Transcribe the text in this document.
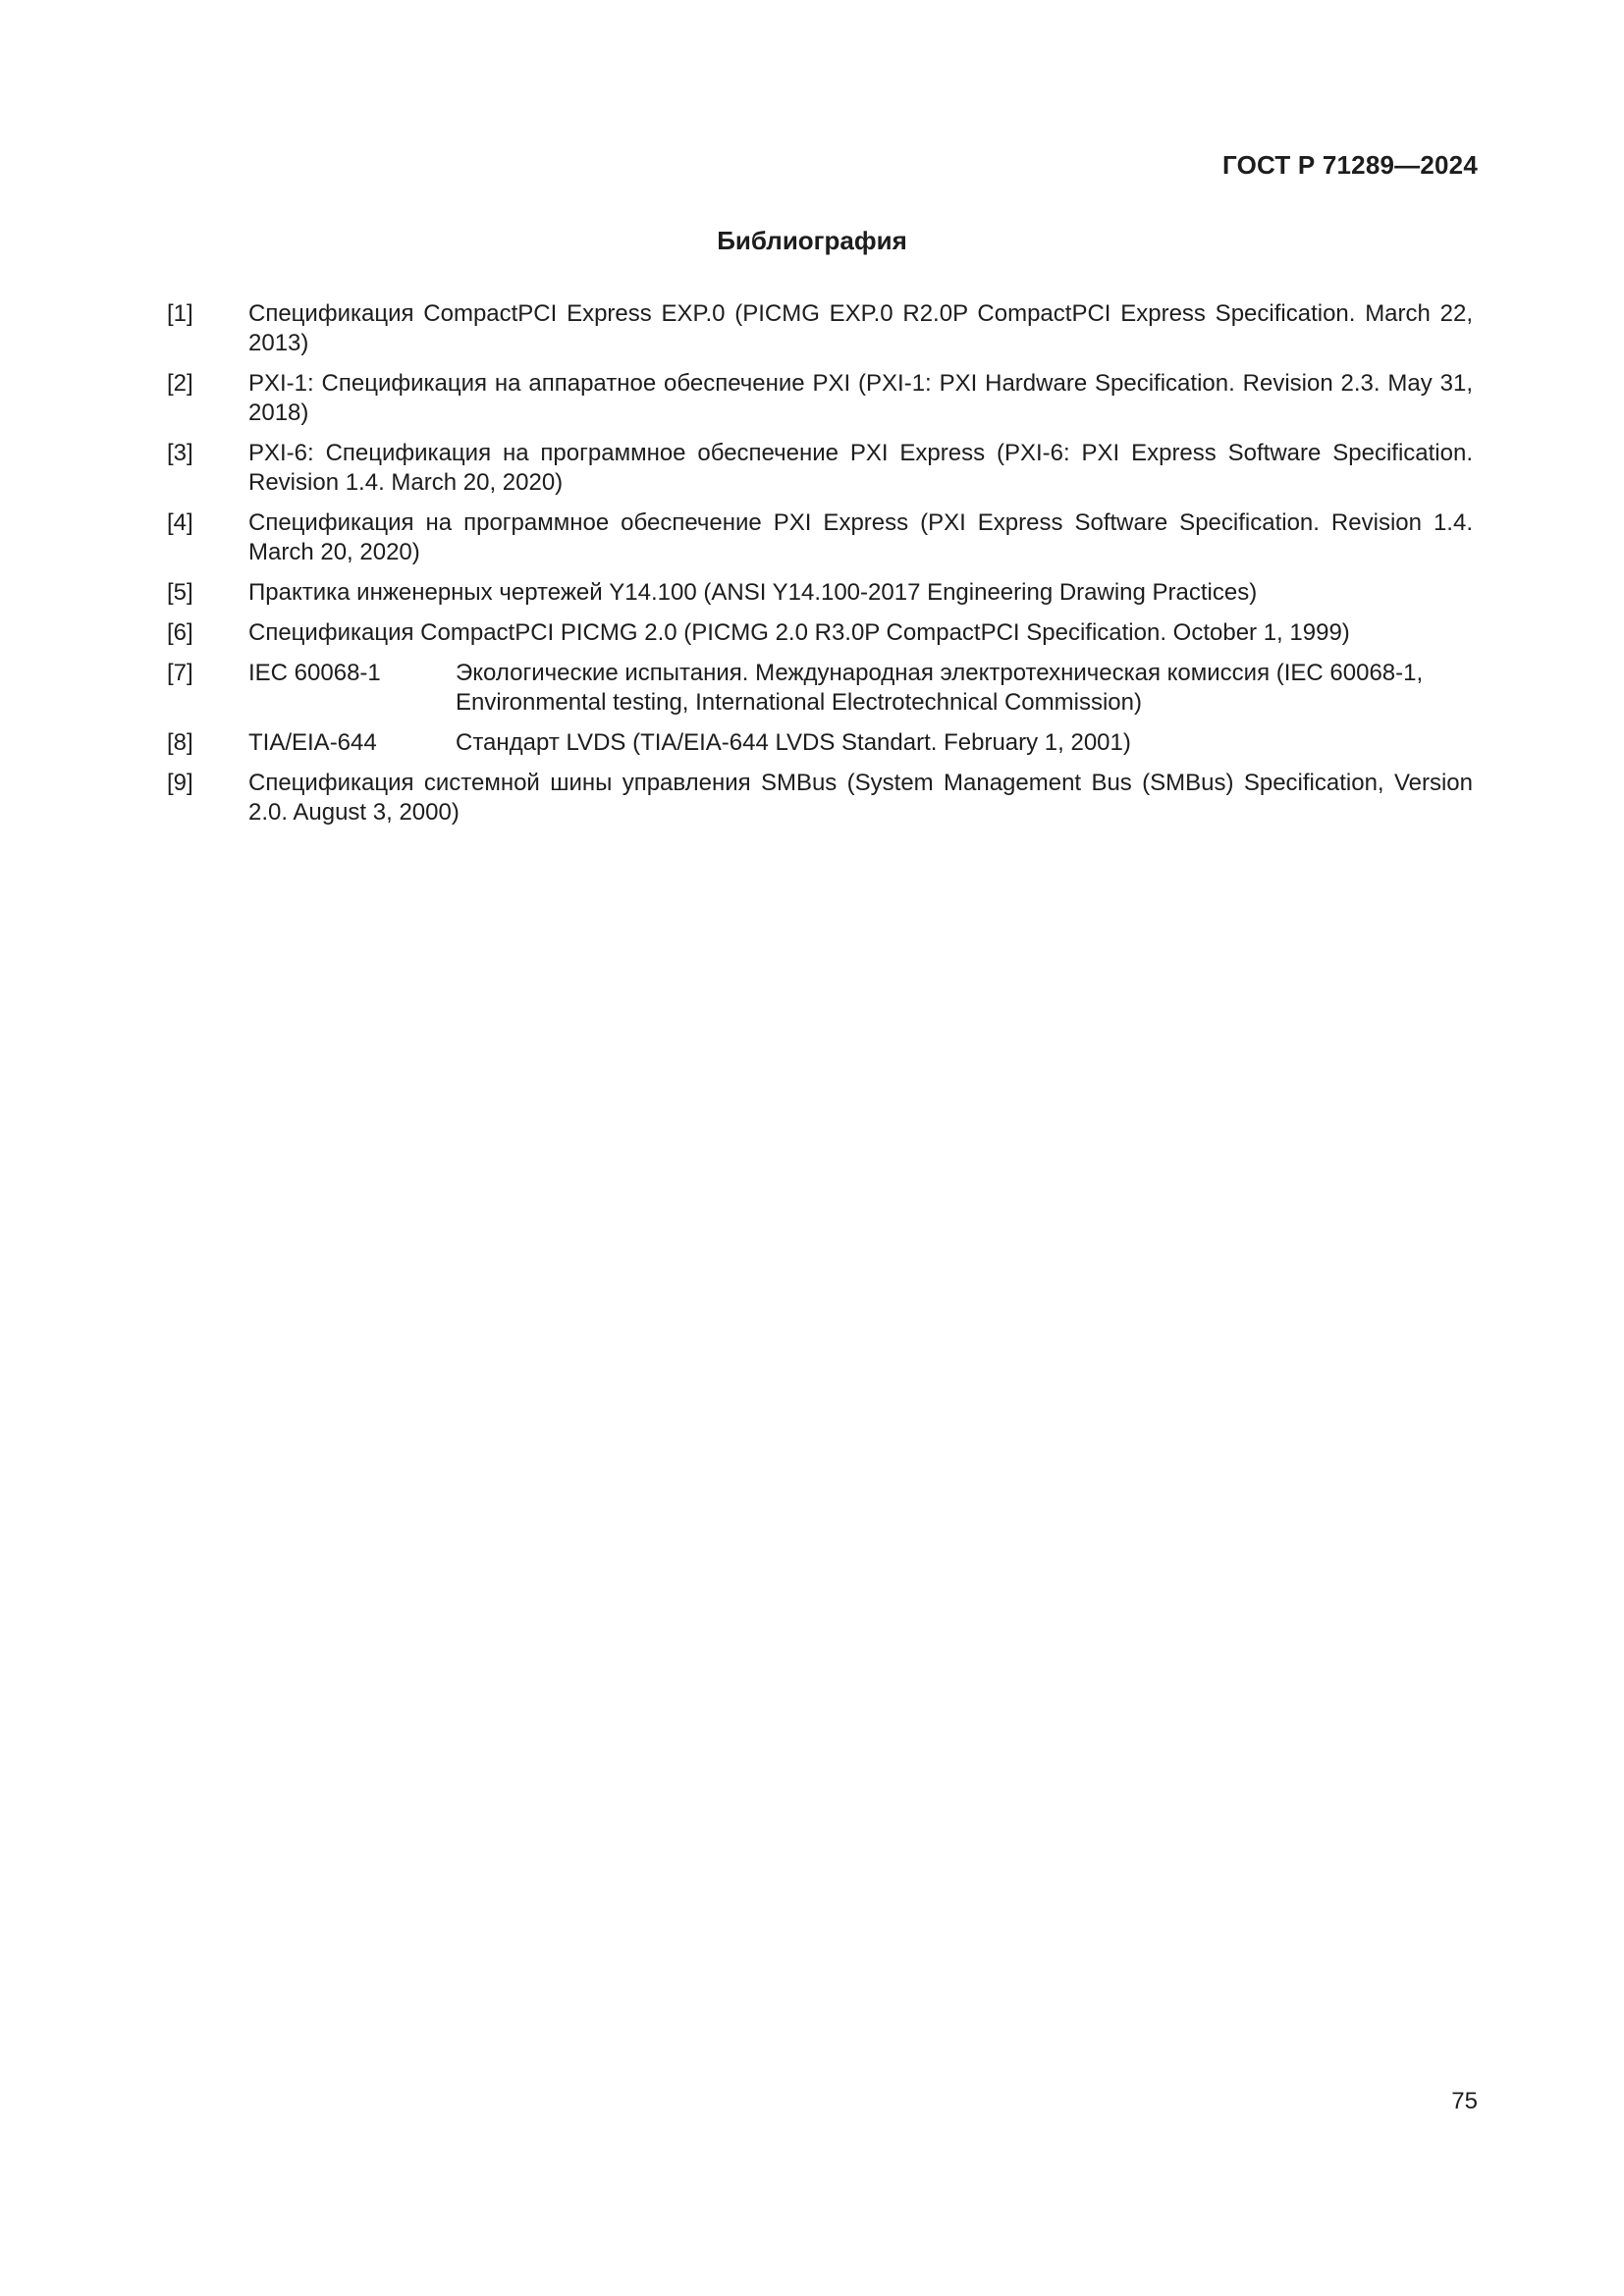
ГОСТ Р 71289—2024
Библиография
[1]	Спецификация CompactPCI Express EXP.0 (PICMG EXP.0 R2.0P CompactPCI Express Specification. March 22, 2013)
[2]	PXI-1: Спецификация на аппаратное обеспечение PXI (PXI-1: PXI Hardware Specification. Revision 2.3. May 31, 2018)
[3]	PXI-6: Спецификация на программное обеспечение PXI Express (PXI-6: PXI Express Software Specification. Revision 1.4. March 20, 2020)
[4]	Спецификация на программное обеспечение PXI Express (PXI Express Software Specification. Revision 1.4. March 20, 2020)
[5]	Практика инженерных чертежей Y14.100 (ANSI Y14.100-2017 Engineering Drawing Practices)
[6]	Спецификация CompactPCI PICMG 2.0 (PICMG 2.0 R3.0P CompactPCI Specification. October 1, 1999)
[7]	IEC 60068-1	Экологические испытания. Международная электротехническая комиссия (IEC 60068-1, Environmental testing, International Electrotechnical Commission)
[8]	TIA/EIA-644	Стандарт LVDS (TIA/EIA-644 LVDS Standart. February 1, 2001)
[9]	Спецификация системной шины управления SMBus (System Management Bus (SMBus) Specification, Version 2.0. August 3, 2000)
75
